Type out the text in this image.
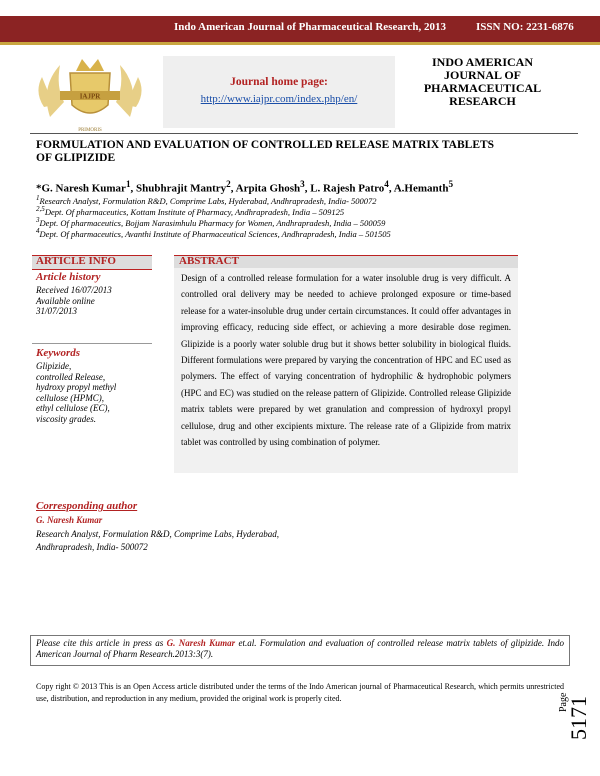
Indo American Journal of Pharmaceutical Research, 2013	ISSN NO: 2231-6876
IAJPR
PRIMORIS
Journal home page:
http://www.iajpr.com/index.php/en/
INDO AMERICAN
JOURNAL OF
PHARMACEUTICAL
RESEARCH
FORMULATION AND EVALUATION OF CONTROLLED RELEASE MATRIX TABLETS
OF GLIPIZIDE
*G. Naresh Kumar$^1$, Shubhrajit Mantry$^2$, Arpita Ghosh$^3$, L. Rajesh Patro$^4$, A.Hemanth$^5$
$^1$Research Analyst, Formulation R&D, Comprime Labs, Hyderabad, Andhrapradesh, India- 500072
$^{2,5}$Dept. Of pharmaceutics, Kottam Institute of Pharmacy, Andhrapradesh, India – 509125
$^3$Dept. Of pharmaceutics, Bojjam Narasimhulu Pharmacy for Women, Andhrapradesh, India – 500059
$^4$Dept. Of pharmaceutics, Avanthi Institute of Pharmaceutical Sciences, Andhrapradesh, India – 501505
ARTICLE INFO
Article history
Received 16/07/2013
Available online
31/07/2013
Keywords
Glipizide,
controlled Release,
hydroxy propyl methyl
cellulose (HPMC),
ethyl cellulose (EC),
viscosity grades.
ABSTRACT
Design of a controlled release formulation for a water insoluble drug is very difficult. A controlled oral delivery may be needed to achieve prolonged exposure or time-based release for a water-insoluble drug under certain circumstances. It could offer advantages in improving efficacy, reducing side effect, or achieving a more desirable dose regimen. Glipizide is a poorly water soluble drug but it shows better solubility in biological fluids. Different formulations were prepared by varying the concentration of HPC and EC used as polymers. The effect of varying concentration of hydrophilic & hydrophobic polymers (HPC and EC) was studied on the release pattern of Glipizide. Controlled release Glipizide matrix tablets were prepared by wet granulation and compression of hydroxyl propyl cellulose, drug and other excipients mixture. The release rate of a Glipizide from matrix tablet was controlled by using combination of polymer.
Corresponding author
G. Naresh Kumar
Research Analyst, Formulation R&D, Comprime Labs, Hyderabad,
Andhrapradesh, India- 500072
Please cite this article in press as G. Naresh Kumar et.al. Formulation and evaluation of controlled release matrix tablets of glipizide. Indo American Journal of Pharm Research.2013:3(7).
Copy right © 2013 This is an Open Access article distributed under the terms of the Indo American journal of Pharmaceutical Research, which permits unrestricted use, distribution, and reproduction in any medium, provided the original work is properly cited.	Page
5171
